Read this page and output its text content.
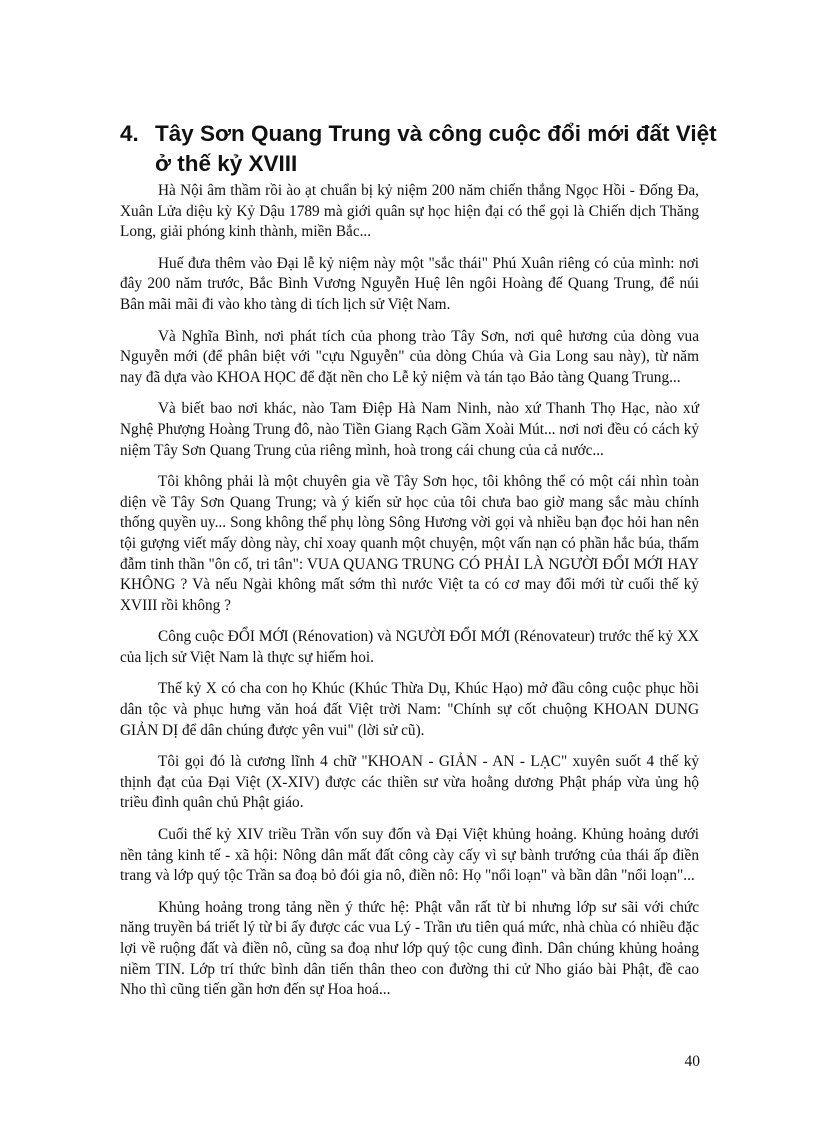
4. Tây Sơn Quang Trung và công cuộc đổi mới đất Việt ở thế kỷ XVIII

Hà Nội âm thầm rồi ào ạt chuẩn bị kỷ niệm 200 năm chiến thắng Ngọc Hồi - Đống Đa, Xuân Lửa diệu kỳ Kỷ Dậu 1789 mà giới quân sự học hiện đại có thể gọi là Chiến dịch Thăng Long, giải phóng kinh thành, miền Bắc...

Huế đưa thêm vào Đại lễ kỷ niệm này một "sắc thái" Phú Xuân riêng có của mình: nơi đây 200 năm trước, Bắc Bình Vương Nguyễn Huệ lên ngôi Hoàng đế Quang Trung, để núi Bân mãi mãi đi vào kho tàng di tích lịch sử Việt Nam.

Và Nghĩa Bình, nơi phát tích của phong trào Tây Sơn, nơi quê hương của dòng vua Nguyễn mới (để phân biệt với "cựu Nguyễn" của dòng Chúa và Gia Long sau này), từ năm nay đã dựa vào KHOA HỌC để đặt nền cho Lễ kỷ niệm và tán tạo Bảo tàng Quang Trung...

Và biết bao nơi khác, nào Tam Điệp Hà Nam Ninh, nào xứ Thanh Thọ Hạc, nào xứ Nghệ Phượng Hoàng Trung đô, nào Tiền Giang Rạch Gầm Xoài Mút... nơi nơi đều có cách kỷ niệm Tây Sơn Quang Trung của riêng mình, hoà trong cái chung của cả nước...

Tôi không phải là một chuyên gia về Tây Sơn học, tôi không thể có một cái nhìn toàn diện về Tây Sơn Quang Trung; và ý kiến sử học của tôi chưa bao giờ mang sắc màu chính thống quyền uy... Song không thể phụ lòng Sông Hương vời gọi và nhiều bạn đọc hỏi han nên tội gượng viết mấy dòng này, chỉ xoay quanh một chuyện, một vấn nạn có phần hắc búa, thấm đẫm tinh thần "ôn cố, tri tân": VUA QUANG TRUNG CÓ PHẢI LÀ NGƯỜI ĐỔI MỚI HAY KHÔNG ? Và nếu Ngài không mất sớm thì nước Việt ta có cơ may đổi mới từ cuối thế kỷ XVIII rồi không ?

Công cuộc ĐỔI MỚI (Rénovation) và NGƯỜI ĐỔI MỚI (Rénovateur) trước thế kỷ XX của lịch sử Việt Nam là thực sự hiếm hoi.

Thế kỷ X có cha con họ Khúc (Khúc Thừa Dụ, Khúc Hạo) mở đầu công cuộc phục hồi dân tộc và phục hưng văn hoá đất Việt trời Nam: "Chính sự cốt chuộng KHOAN DUNG GIẢN DỊ để dân chúng được yên vui" (lời sử cũ).

Tôi gọi đó là cương lĩnh 4 chữ "KHOAN - GIẢN - AN - LẠC" xuyên suốt 4 thế kỷ thịnh đạt của Đại Việt (X-XIV) được các thiền sư vừa hoằng dương Phật pháp vừa ủng hộ triều đình quân chủ Phật giáo.

Cuối thế kỷ XIV triều Trần vốn suy đốn và Đại Việt khủng hoảng. Khủng hoảng dưới nền tảng kinh tế - xã hội: Nông dân mất đất công cày cấy vì sự bành trướng của thái ấp điền trang và lớp quý tộc Trần sa đoạ bỏ đói gia nô, điền nô: Họ "nổi loạn" và bần dân "nổi loạn"...

Khủng hoảng trong tảng nền ý thức hệ: Phật vẫn rất từ bi nhưng lớp sư sãi với chức năng truyền bá triết lý từ bi ấy được các vua Lý - Trần ưu tiên quá mức, nhà chùa có nhiều đặc lợi về ruộng đất và điền nô, cũng sa đoạ như lớp quý tộc cung đình. Dân chúng khủng hoảng niềm TIN. Lớp trí thức bình dân tiến thân theo con đường thi cử Nho giáo bài Phật, đề cao Nho thì cũng tiến gần hơn đến sự Hoa hoá...

40
